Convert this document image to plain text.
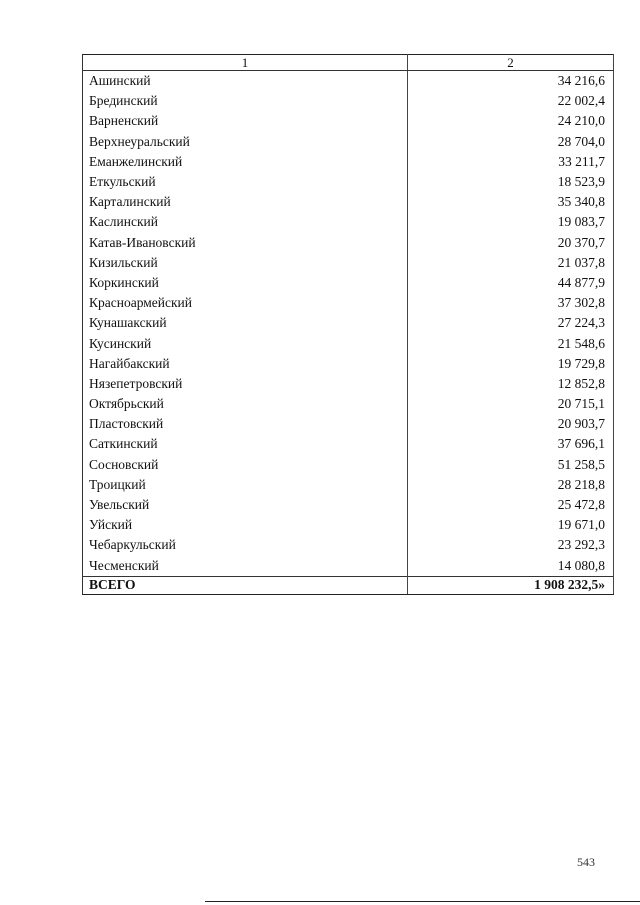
1	2
Ашинский	34 216,6
Брединский	22 002,4
Варненский	24 210,0
Верхнеуральский	28 704,0
Еманжелинский	33 211,7
Еткульский	18 523,9
Карталинский	35 340,8
Каслинский	19 083,7
Катав-Ивановский	20 370,7
Кизильский	21 037,8
Коркинский	44 877,9
Красноармейский	37 302,8
Кунашакский	27 224,3
Кусинский	21 548,6
Нагайбакский	19 729,8
Нязепетровский	12 852,8
Октябрьский	20 715,1
Пластовский	20 903,7
Саткинский	37 696,1
Сосновский	51 258,5
Троицкий	28 218,8
Увельский	25 472,8
Уйский	19 671,0
Чебаркульский	23 292,3
Чесменский	14 080,8
ВСЕГО	1 908 232,5»
543
